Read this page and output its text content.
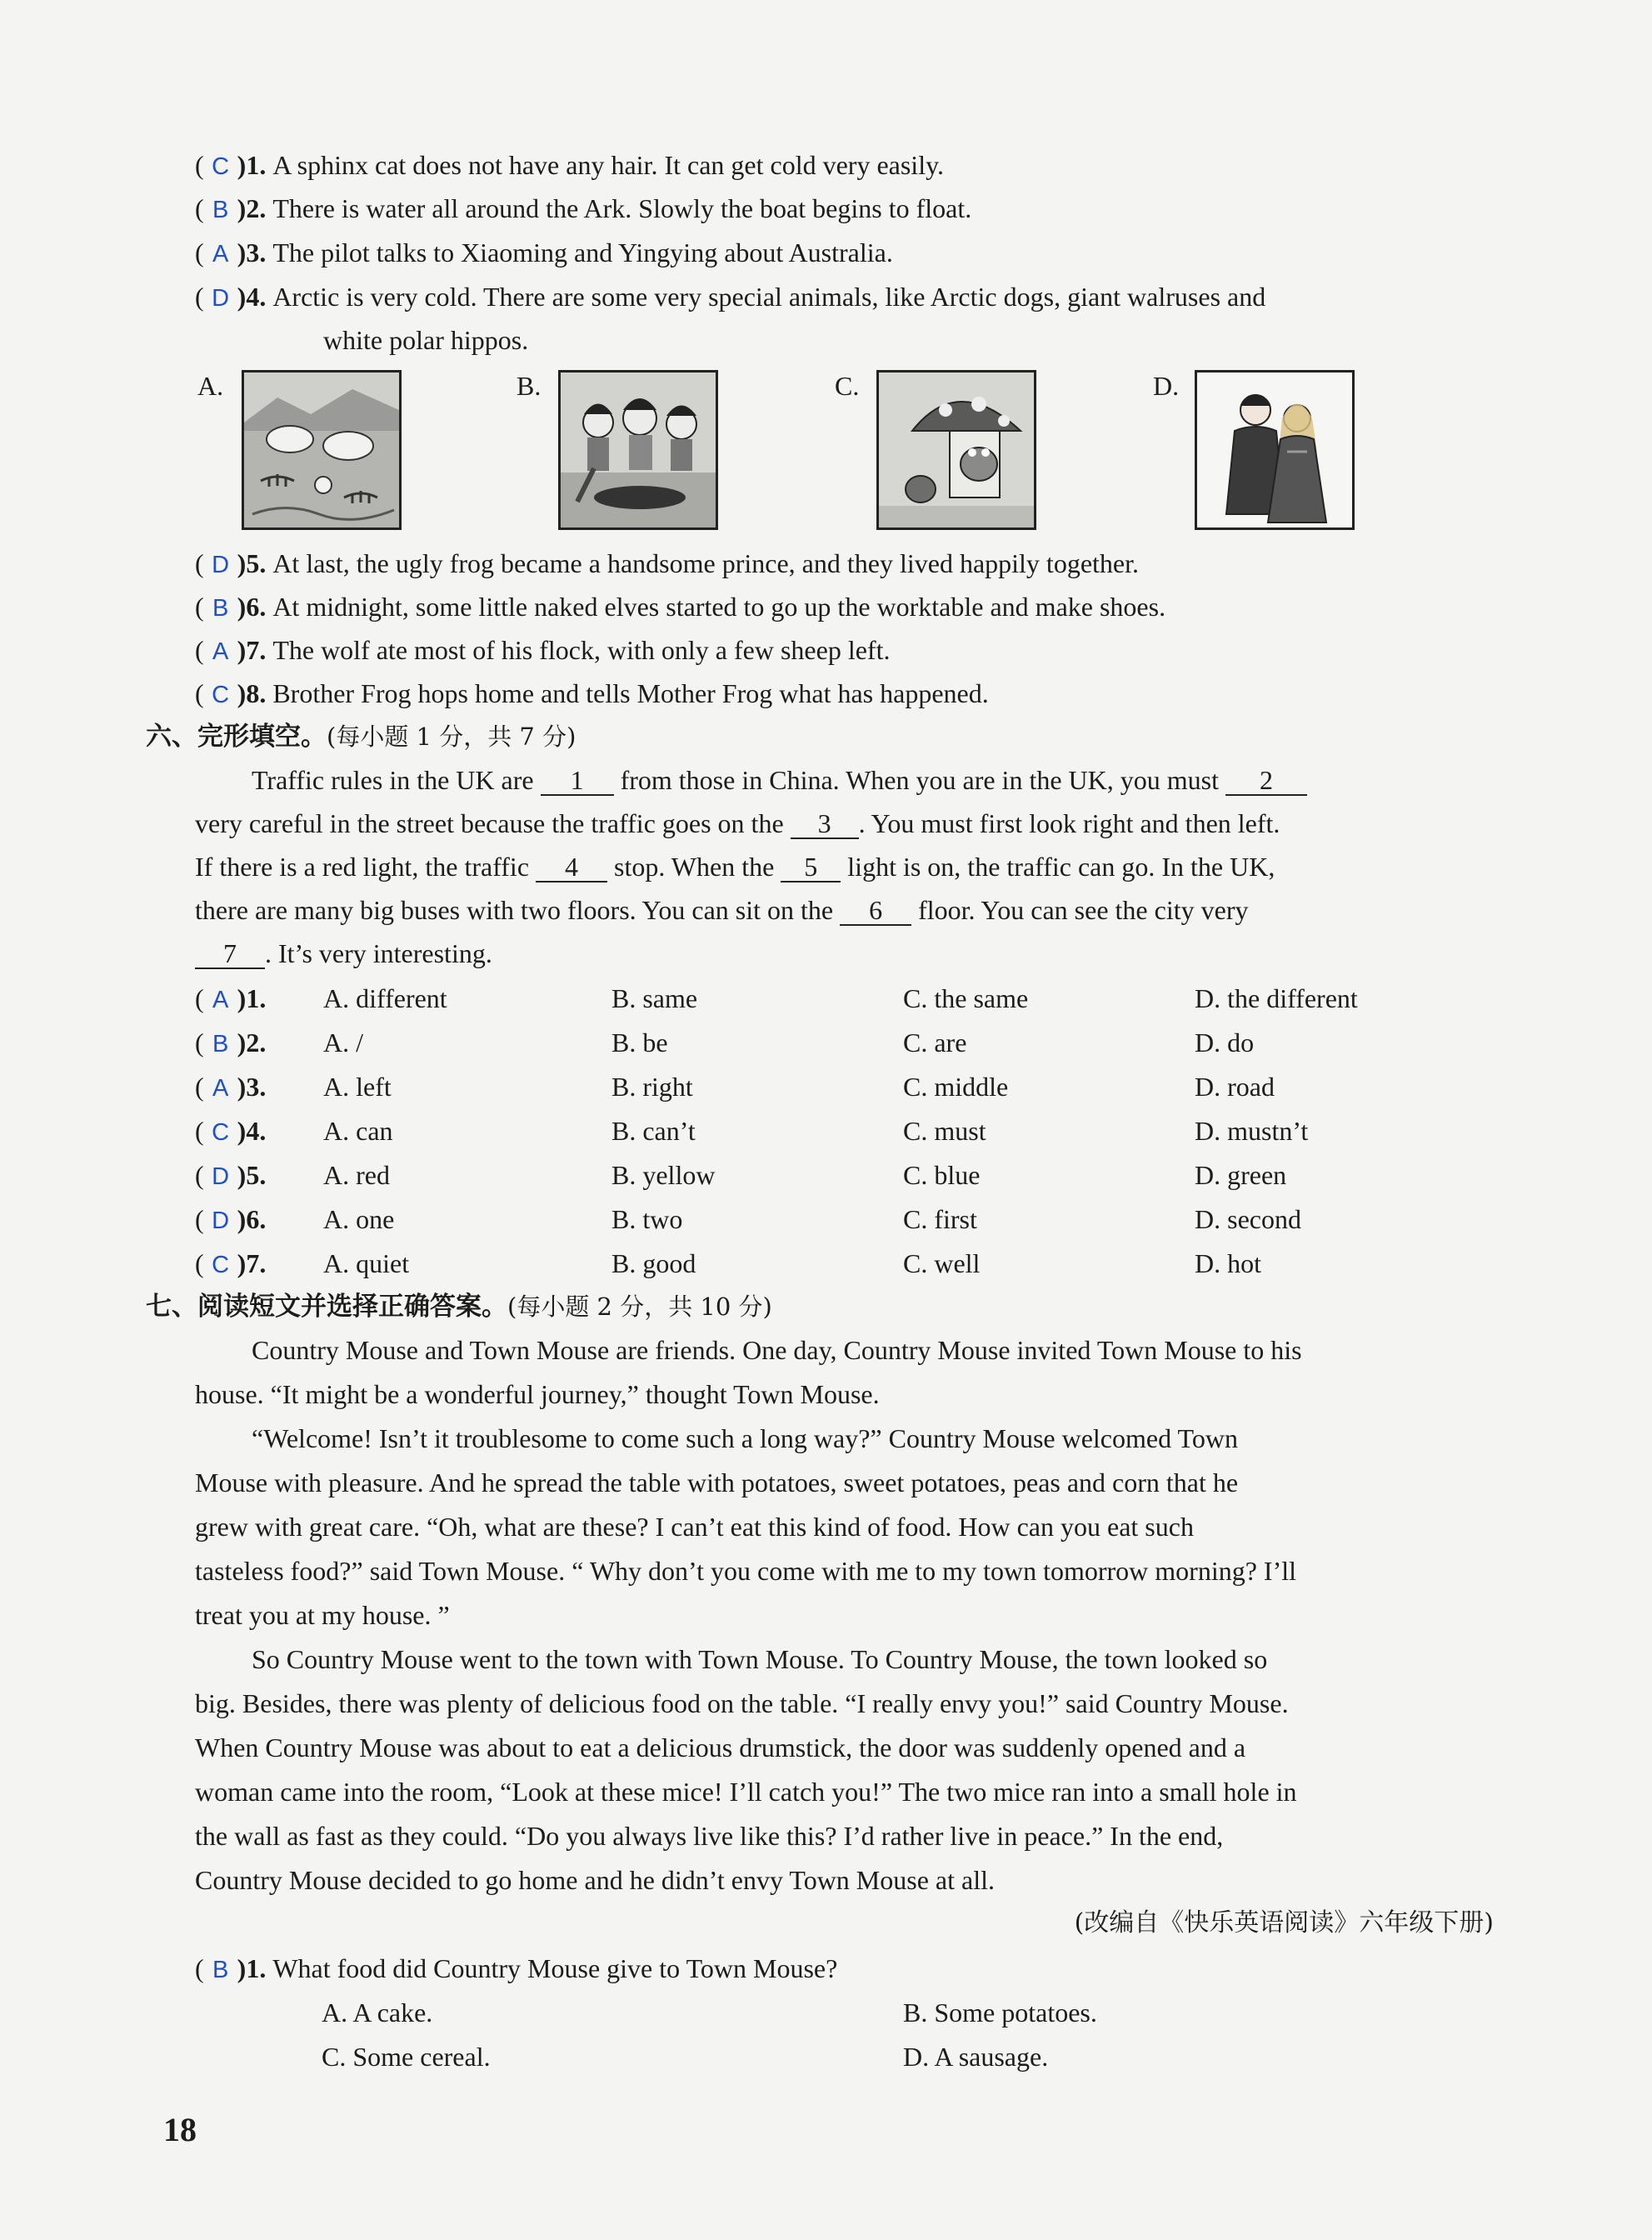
( C )1. A sphinx cat does not have any hair. It can get cold very easily.
( B )2. There is water all around the Ark. Slowly the boat begins to float.
( A )3. The pilot talks to Xiaoming and Yingying about Australia.
( D )4. Arctic is very cold. There are some very special animals, like Arctic dogs, giant walruses and
white polar hippos.
A.	B.	C.	D.
( D )5. At last, the ugly frog became a handsome prince, and they lived happily together.
( B )6. At midnight, some little naked elves started to go up the worktable and make shoes.
( A )7. The wolf ate most of his flock, with only a few sheep left.
( C )8. Brother Frog hops home and tells Mother Frog what has happened.
六、完形填空。(每小题 1 分，共 7 分)
Traffic rules in the UK are 1 from those in China. When you are in the UK, you must 2
very careful in the street because the traffic goes on the 3 . You must first look right and then left.
If there is a red light, the traffic 4 stop. When the 5 light is on, the traffic can go. In the UK,
there are many big buses with two floors. You can sit on the 6 floor. You can see the city very
7 . It’s very interesting.
( A )1. A. different	B. same	C. the same	D. the different
( B )2. A. /	B. be	C. are	D. do
( A )3. A. left	B. right	C. middle	D. road
( C )4. A. can	B. can’t	C. must	D. mustn’t
( D )5. A. red	B. yellow	C. blue	D. green
( D )6. A. one	B. two	C. first	D. second
( C )7. A. quiet	B. good	C. well	D. hot
七、阅读短文并选择正确答案。(每小题 2 分，共 10 分)
Country Mouse and Town Mouse are friends. One day, Country Mouse invited Town Mouse to his
house. “It might be a wonderful journey,” thought Town Mouse.
“Welcome! Isn’t it troublesome to come such a long way?” Country Mouse welcomed Town
Mouse with pleasure. And he spread the table with potatoes, sweet potatoes, peas and corn that he
grew with great care. “Oh, what are these? I can’t eat this kind of food. How can you eat such
tasteless food?” said Town Mouse. “ Why don’t you come with me to my town tomorrow morning? I’ll
treat you at my house. ”
So Country Mouse went to the town with Town Mouse. To Country Mouse, the town looked so
big. Besides, there was plenty of delicious food on the table. “I really envy you!” said Country Mouse.
When Country Mouse was about to eat a delicious drumstick, the door was suddenly opened and a
woman came into the room, “Look at these mice! I’ll catch you!” The two mice ran into a small hole in
the wall as fast as they could. “Do you always live like this? I’d rather live in peace.” In the end,
Country Mouse decided to go home and he didn’t envy Town Mouse at all.
(改编自《快乐英语阅读》六年级下册)
( B )1. What food did Country Mouse give to Town Mouse?
A. A cake.	B. Some potatoes.
C. Some cereal.	D. A sausage.
18
